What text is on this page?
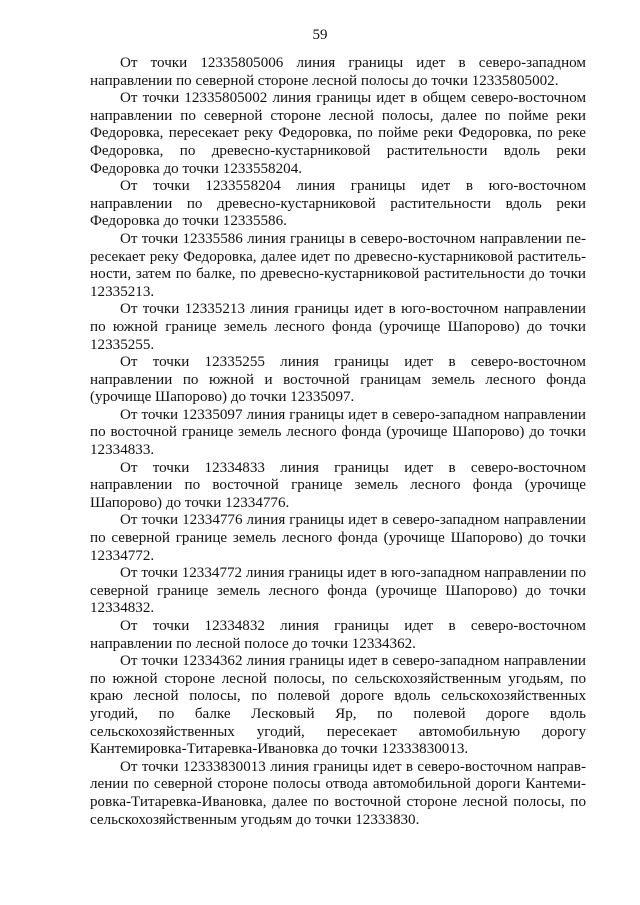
59

От точки 12335805006 линия границы идет в северо-западном направлении по северной стороне лесной полосы до точки 12335805002.

От точки 12335805002 линия границы идет в общем северо-восточном направлении по северной стороне лесной полосы, далее по пойме реки Федоровка, пересекает реку Федоровка, по пойме реки Федоровка, по реке Федоровка, по древесно-кустарниковой растительности вдоль реки Федоровка до точки 1233558204.

От точки 1233558204 линия границы идет в юго-восточном направлении по древесно-кустарниковой растительности вдоль реки Федоровка до точки 12335586.

От точки 12335586 линия границы в северо-восточном направлении пересекает реку Федоровка, далее идет по древесно-кустарниковой растительности, затем по балке, по древесно-кустарниковой растительности до точки 12335213.

От точки 12335213 линия границы идет в юго-восточном направлении по южной границе земель лесного фонда (урочище Шапорово) до точки 12335255.

От точки 12335255 линия границы идет в северо-восточном направлении по южной и восточной границам земель лесного фонда (урочище Шапорово) до точки 12335097.

От точки 12335097 линия границы идет в северо-западном направлении по восточной границе земель лесного фонда (урочище Шапорово) до точки 12334833.

От точки 12334833 линия границы идет в северо-восточном направлении по восточной границе земель лесного фонда (урочище Шапорово) до точки 12334776.

От точки 12334776 линия границы идет в северо-западном направлении по северной границе земель лесного фонда (урочище Шапорово) до точки 12334772.

От точки 12334772 линия границы идет в юго-западном направлении по северной границе земель лесного фонда (урочище Шапорово) до точки 12334832.

От точки 12334832 линия границы идет в северо-восточном направлении по лесной полосе до точки 12334362.

От точки 12334362 линия границы идет в северо-западном направлении по южной стороне лесной полосы, по сельскохозяйственным угодьям, по краю лесной полосы, по полевой дороге вдоль сельскохозяйственных угодий, по балке Лесковый Яр, по полевой дороге вдоль сельскохозяйственных угодий, пересекает автомобильную дорогу Кантемировка-Титаревка-Ивановка до точки 12333830013.

От точки 12333830013 линия границы идет в северо-восточном направлении по северной стороне полосы отвода автомобильной дороги Кантемировка-Титаревка-Ивановка, далее по восточной стороне лесной полосы, по сельскохозяйственным угодьям до точки 12333830.
